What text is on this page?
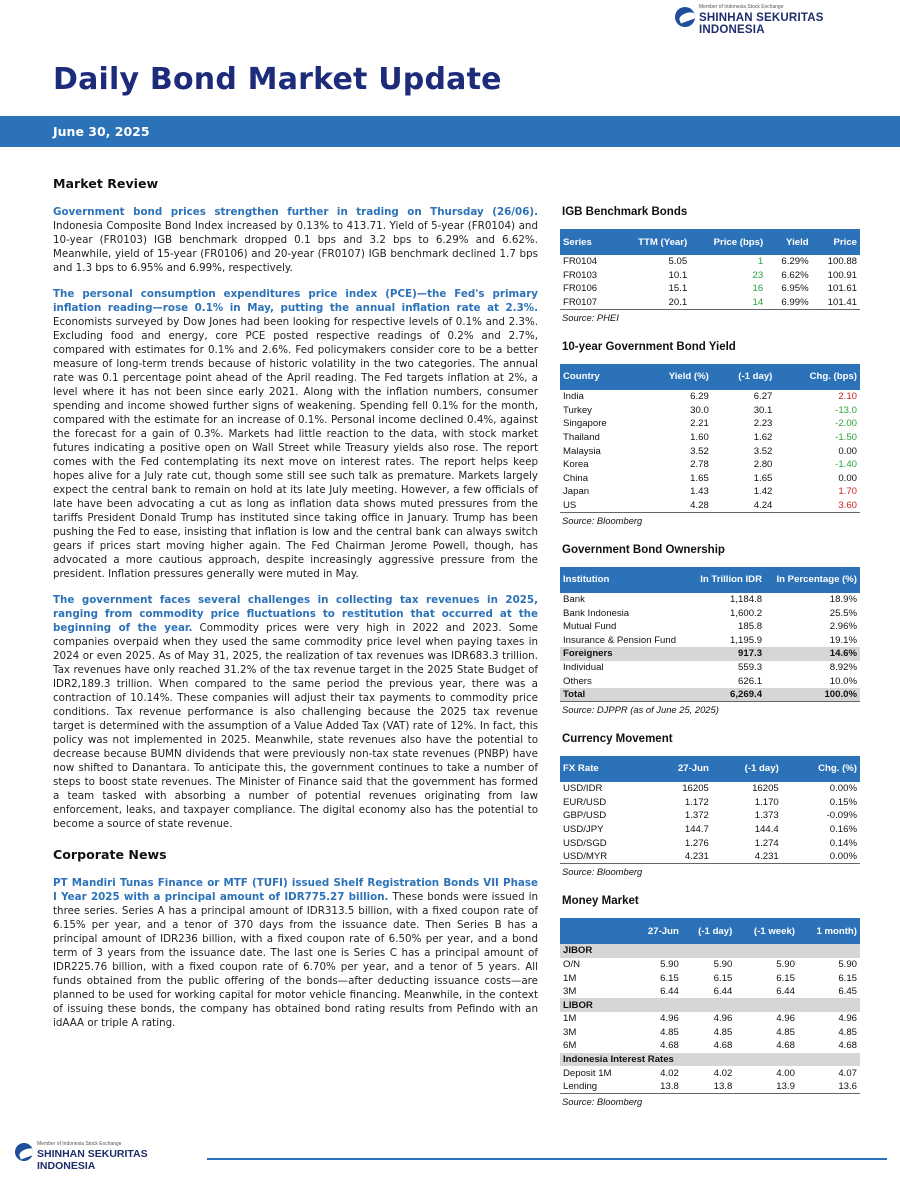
Member of Indonesia Stock Exchange
SHINHAN SEKURITAS INDONESIA
Daily Bond Market Update
June 30, 2025
Market Review

Government bond prices strengthen further in trading on Thursday (26/06). Indonesia Composite Bond Index increased by 0.13% to 413.71. Yield of 5-year (FR0104) and 10-year (FR0103) IGB benchmark dropped 0.1 bps and 3.2 bps to 6.29% and 6.62%. Meanwhile, yield of 15-year (FR0106) and 20-year (FR0107) IGB benchmark declined 1.7 bps and 1.3 bps to 6.95% and 6.99%, respectively.

The personal consumption expenditures price index (PCE)—the Fed's primary inflation reading—rose 0.1% in May, putting the annual inflation rate at 2.3%. Economists surveyed by Dow Jones had been looking for respective levels of 0.1% and 2.3%. Excluding food and energy, core PCE posted respective readings of 0.2% and 2.7%, compared with estimates for 0.1% and 2.6%. Fed policymakers consider core to be a better measure of long-term trends because of historic volatility in the two categories. The annual rate was 0.1 percentage point ahead of the April reading. The Fed targets inflation at 2%, a level where it has not been since early 2021. Along with the inflation numbers, consumer spending and income showed further signs of weakening. Spending fell 0.1% for the month, compared with the estimate for an increase of 0.1%. Personal income declined 0.4%, against the forecast for a gain of 0.3%. Markets had little reaction to the data, with stock market futures indicating a positive open on Wall Street while Treasury yields also rose. The report comes with the Fed contemplating its next move on interest rates. The report helps keep hopes alive for a July rate cut, though some still see such talk as premature. Markets largely expect the central bank to remain on hold at its late July meeting. However, a few officials of late have been advocating a cut as long as inflation data shows muted pressures from the tariffs President Donald Trump has instituted since taking office in January. Trump has been pushing the Fed to ease, insisting that inflation is low and the central bank can always switch gears if prices start moving higher again. The Fed Chairman Jerome Powell, though, has advocated a more cautious approach, despite increasingly aggressive pressure from the president. Inflation pressures generally were muted in May.

The government faces several challenges in collecting tax revenues in 2025, ranging from commodity price fluctuations to restitution that occurred at the beginning of the year. Commodity prices were very high in 2022 and 2023. Some companies overpaid when they used the same commodity price level when paying taxes in 2024 or even 2025. As of May 31, 2025, the realization of tax revenues was IDR683.3 trillion. Tax revenues have only reached 31.2% of the tax revenue target in the 2025 State Budget of IDR2,189.3 trillion. When compared to the same period the previous year, there was a contraction of 10.14%. These companies will adjust their tax payments to commodity price conditions. Tax revenue performance is also challenging because the 2025 tax revenue target is determined with the assumption of a Value Added Tax (VAT) rate of 12%. In fact, this policy was not implemented in 2025. Meanwhile, state revenues also have the potential to decrease because BUMN dividends that were previously non-tax state revenues (PNBP) have now shifted to Danantara. To anticipate this, the government continues to take a number of steps to boost state revenues. The Minister of Finance said that the government has formed a team tasked with absorbing a number of potential revenues originating from law enforcement, leaks, and taxpayer compliance. The digital economy also has the potential to become a source of state revenue.

Corporate News

PT Mandiri Tunas Finance or MTF (TUFI) issued Shelf Registration Bonds VII Phase I Year 2025 with a principal amount of IDR775.27 billion. These bonds were issued in three series. Series A has a principal amount of IDR313.5 billion, with a fixed coupon rate of 6.15% per year, and a tenor of 370 days from the issuance date. Then Series B has a principal amount of IDR236 billion, with a fixed coupon rate of 6.50% per year, and a bond term of 3 years from the issuance date. The last one is Series C has a principal amount of IDR225.76 billion, with a fixed coupon rate of 6.70% per year, and a tenor of 5 years. All funds obtained from the public offering of the bonds—after deducting issuance costs—are planned to be used for working capital for motor vehicle financing. Meanwhile, in the context of issuing these bonds, the company has obtained bond rating results from Pefindo with an idAAA or triple A rating.

IGB Benchmark Bonds
Series	TTM (Year)	Price (bps)	Yield	Price
FR0104	5.05	1	6.29%	100.88
FR0103	10.1	23	6.62%	100.91
FR0106	15.1	16	6.95%	101.61
FR0107	20.1	14	6.99%	101.41
Source: PHEI
10-year Government Bond Yield
Country	Yield (%)	(-1 day)	Chg. (bps)
India	6.29	6.27	2.10
Turkey	30.0	30.1	-13.0
Singapore	2.21	2.23	-2.00
Thailand	1.60	1.62	-1.50
Malaysia	3.52	3.52	0.00
Korea	2.78	2.80	-1.40
China	1.65	1.65	0.00
Japan	1.43	1.42	1.70
US	4.28	4.24	3.60
Source: Bloomberg
Government Bond Ownership
Institution	In Trillion IDR	In Percentage (%)
Bank	1,184.8	18.9%
Bank Indonesia	1,600.2	25.5%
Mutual Fund	185.8	2.96%
Insurance & Pension Fund	1,195.9	19.1%
Foreigners	917.3	14.6%
Individual	559.3	8.92%
Others	626.1	10.0%
Total	6,269.4	100.0%
Source: DJPPR (as of June 25, 2025)
Currency Movement
FX Rate	27-Jun	(-1 day)	Chg. (%)
USD/IDR	16205	16205	0.00%
EUR/USD	1.172	1.170	0.15%
GBP/USD	1.372	1.373	-0.09%
USD/JPY	144.7	144.4	0.16%
USD/SGD	1.276	1.274	0.14%
USD/MYR	4.231	4.231	0.00%
Source: Bloomberg
Money Market
	27-Jun	(-1 day)	(-1 week)	1 month)
JIBOR				
O/N	5.90	5.90	5.90	5.90
1M	6.15	6.15	6.15	6.15
3M	6.44	6.44	6.44	6.45
LIBOR				
1M	4.96	4.96	4.96	4.96
3M	4.85	4.85	4.85	4.85
6M	4.68	4.68	4.68	4.68
Indonesia Interest Rates				
Deposit 1M	4.02	4.02	4.00	4.07
Lending	13.8	13.8	13.9	13.6
Source: Bloomberg
Member of Indonesia Stock Exchange
SHINHAN SEKURITAS INDONESIA
